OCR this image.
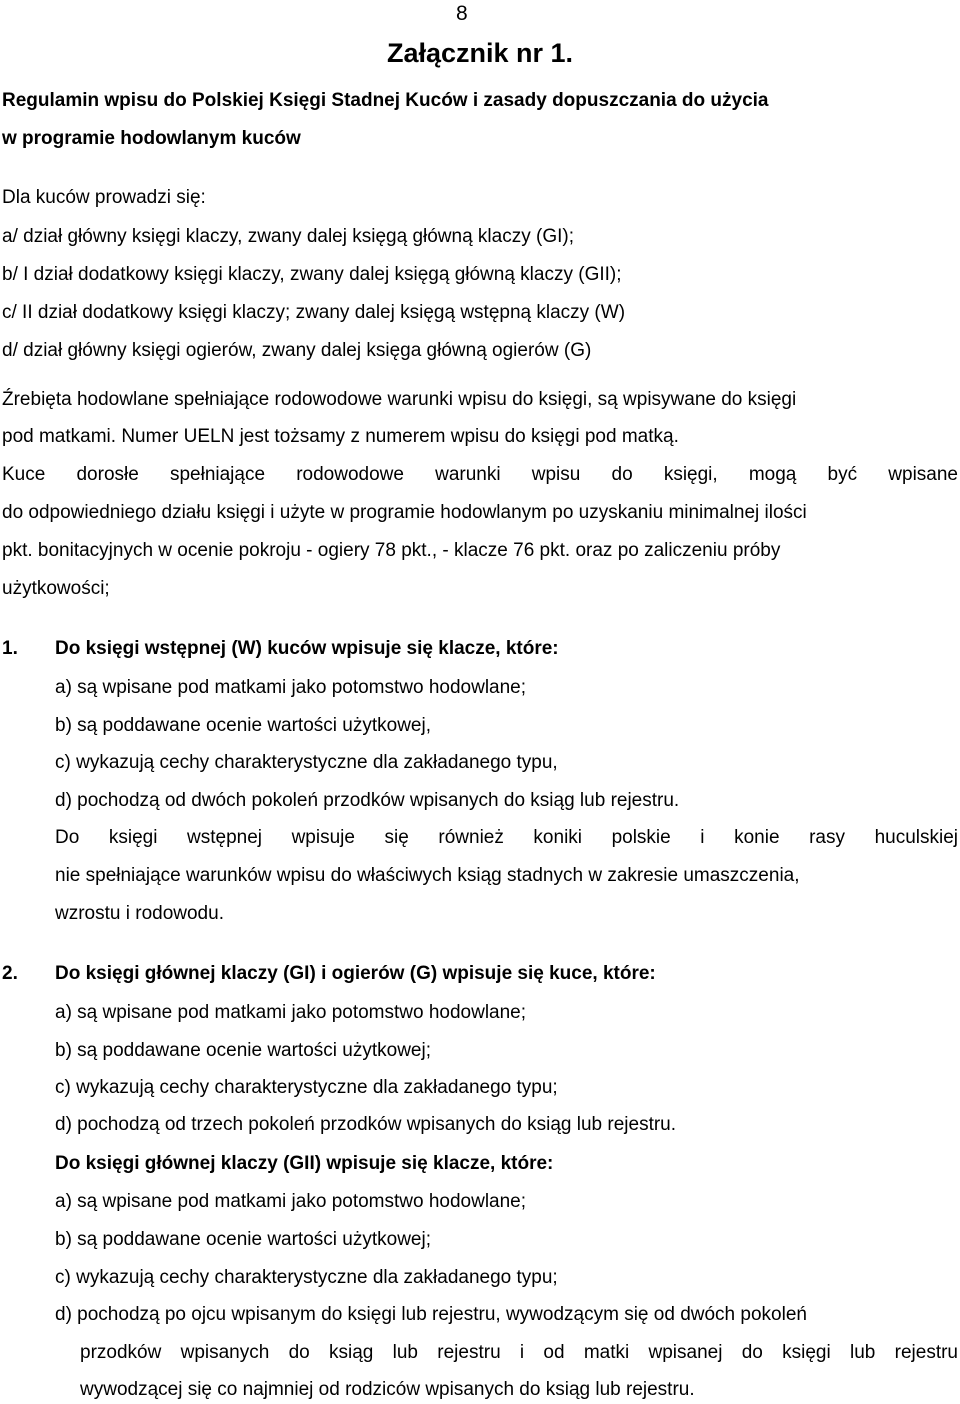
8
Załącznik nr 1.
Regulamin wpisu do Polskiej Księgi Stadnej Kuców i zasady dopuszczania do użycia
w programie hodowlanym kuców
Dla kuców prowadzi się:
a/ dział główny księgi klaczy, zwany dalej księgą główną klaczy (GI);
b/ I dział dodatkowy księgi klaczy, zwany dalej księgą główną klaczy (GII);
c/ II dział dodatkowy księgi klaczy; zwany dalej księgą wstępną klaczy (W)
d/ dział główny księgi ogierów, zwany dalej księga główną ogierów (G)
Źrebięta hodowlane spełniające rodowodowe warunki wpisu do księgi, są wpisywane do księgi
pod matkami. Numer UELN jest tożsamy z numerem wpisu do księgi pod matką.
Kuce dorosłe spełniające rodowodowe warunki wpisu do księgi, mogą być wpisane
do odpowiedniego działu księgi i użyte w programie hodowlanym po uzyskaniu minimalnej ilości
pkt. bonitacyjnych w ocenie pokroju - ogiery 78 pkt., - klacze 76 pkt. oraz po zaliczeniu próby
użytkowości;
1. Do księgi wstępnej (W) kuców wpisuje się klacze, które:
a) są wpisane pod matkami jako potomstwo hodowlane;
b) są poddawane ocenie wartości użytkowej,
c) wykazują cechy charakterystyczne dla zakładanego typu,
d) pochodzą od dwóch pokoleń przodków wpisanych do ksiąg lub rejestru.
Do księgi wstępnej wpisuje się również koniki polskie i konie rasy huculskiej
nie spełniające warunków wpisu do właściwych ksiąg stadnych w zakresie umaszczenia,
wzrostu i rodowodu.
2. Do księgi głównej klaczy (GI) i ogierów (G) wpisuje się kuce, które:
a) są wpisane pod matkami jako potomstwo hodowlane;
b) są poddawane ocenie wartości użytkowej;
c) wykazują cechy charakterystyczne dla zakładanego typu;
d) pochodzą od trzech pokoleń przodków wpisanych do ksiąg lub rejestru.
Do księgi głównej klaczy (GII) wpisuje się klacze, które:
a) są wpisane pod matkami jako potomstwo hodowlane;
b) są poddawane ocenie wartości użytkowej;
c) wykazują cechy charakterystyczne dla zakładanego typu;
d) pochodzą po ojcu wpisanym do księgi lub rejestru, wywodzącym się od dwóch pokoleń
przodków wpisanych do ksiąg lub rejestru i od matki wpisanej do księgi lub rejestru
wywodzącej się co najmniej od rodziców wpisanych do ksiąg lub rejestru.
